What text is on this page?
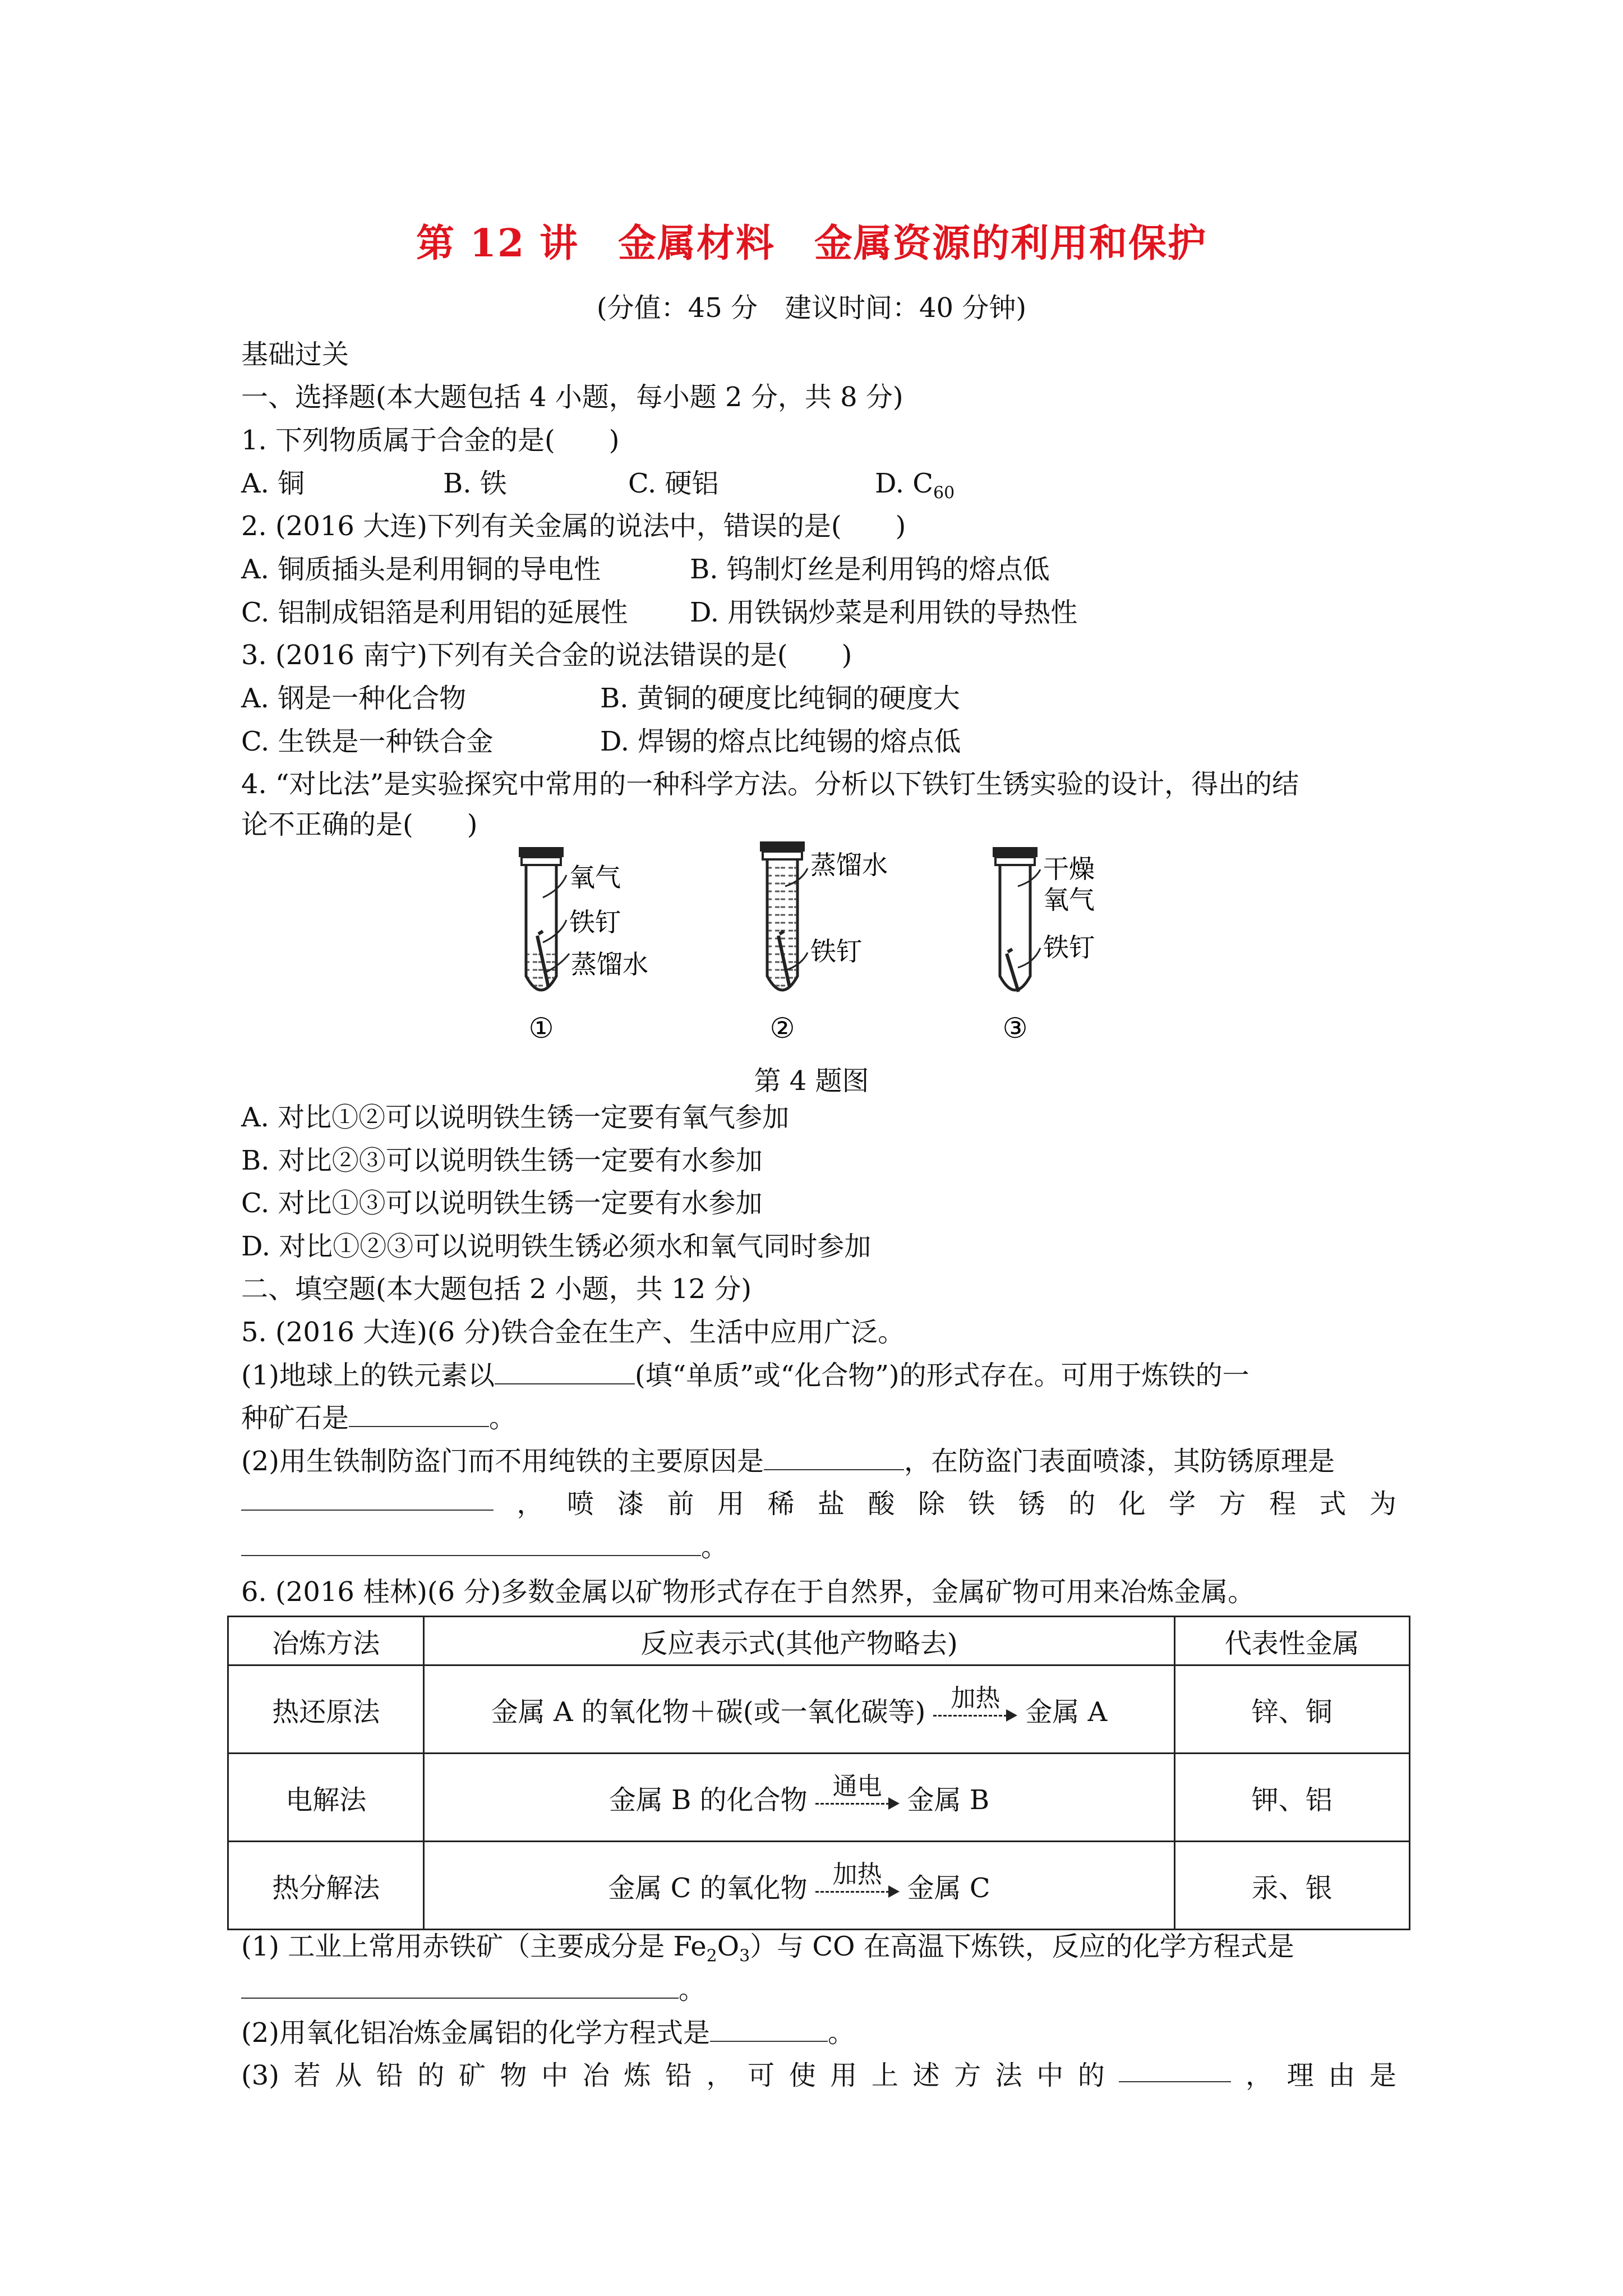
第 12 讲　金属材料　金属资源的利用和保护
(分值：45 分　建议时间：40 分钟)
基础过关
一、选择题(本大题包括 4 小题，每小题 2 分，共 8 分)
1. 下列物质属于合金的是(　　)
A. 铜	B. 铁	C. 硬铝	D. $C_{60}$
2. (2016 大连)下列有关金属的说法中，错误的是(　　)
A. 铜质插头是利用铜的导电性	B. 钨制灯丝是利用钨的熔点低
C. 铝制成铝箔是利用铝的延展性 D. 用铁锅炒菜是利用铁的导热性
3. (2016 南宁)下列有关合金的说法错误的是(　　)
A. 钢是一种化合物	B. 黄铜的硬度比纯铜的硬度大
C. 生铁是一种铁合金	D. 焊锡的熔点比纯锡的熔点低
4. “对比法”是实验探究中常用的一种科学方法。分析以下铁钉生锈实验的设计，得出的结
论不正确的是(　　)
氧气
铁钉
蒸馏水
①
蒸馏水
铁钉
②
干燥
氧气
铁钉
③
第 4 题图
A. 对比①②可以说明铁生锈一定要有氧气参加
B. 对比②③可以说明铁生锈一定要有水参加
C. 对比①③可以说明铁生锈一定要有水参加
D. 对比①②③可以说明铁生锈必须水和氧气同时参加
二、填空题(本大题包括 2 小题，共 12 分)
5. (2016 大连)(6 分)铁合金在生产、生活中应用广泛。
(1)地球上的铁元素以	(填“单质”或“化合物”)的形式存在。可用于炼铁的一
种矿石是	。
(2)用生铁制防盗门而不用纯铁的主要原因是	，在防盗门表面喷漆，其防锈原理是
， 喷 漆 前 用 稀 盐 酸 除 铁 锈 的 化 学 方 程 式 为
。
6. (2016 桂林)(6 分)多数金属以矿物形式存在于自然界，金属矿物可用来冶炼金属。
冶炼方法	反应表示式(其他产物略去)	代表性金属
热还原法	金属 A 的氧化物＋碳(或一氧化碳等) 加热 金属 A	锌、铜
电解法	金属 B 的化合物 通电 金属 B	钾、铝
热分解法	金属 C 的氧化物 加热 金属 C	汞、银
(1) 工业上常用赤铁矿（主要成分是 $Fe_2O_3$）与 CO 在高温下炼铁，反应的化学方程式是
。
(2)用氧化铝冶炼金属铝的化学方程式是	。
(3) 若 从 铅 的 矿 物 中 冶 炼 铅 ， 可 使 用 上 述 方 法 中 的	， 理 由 是
